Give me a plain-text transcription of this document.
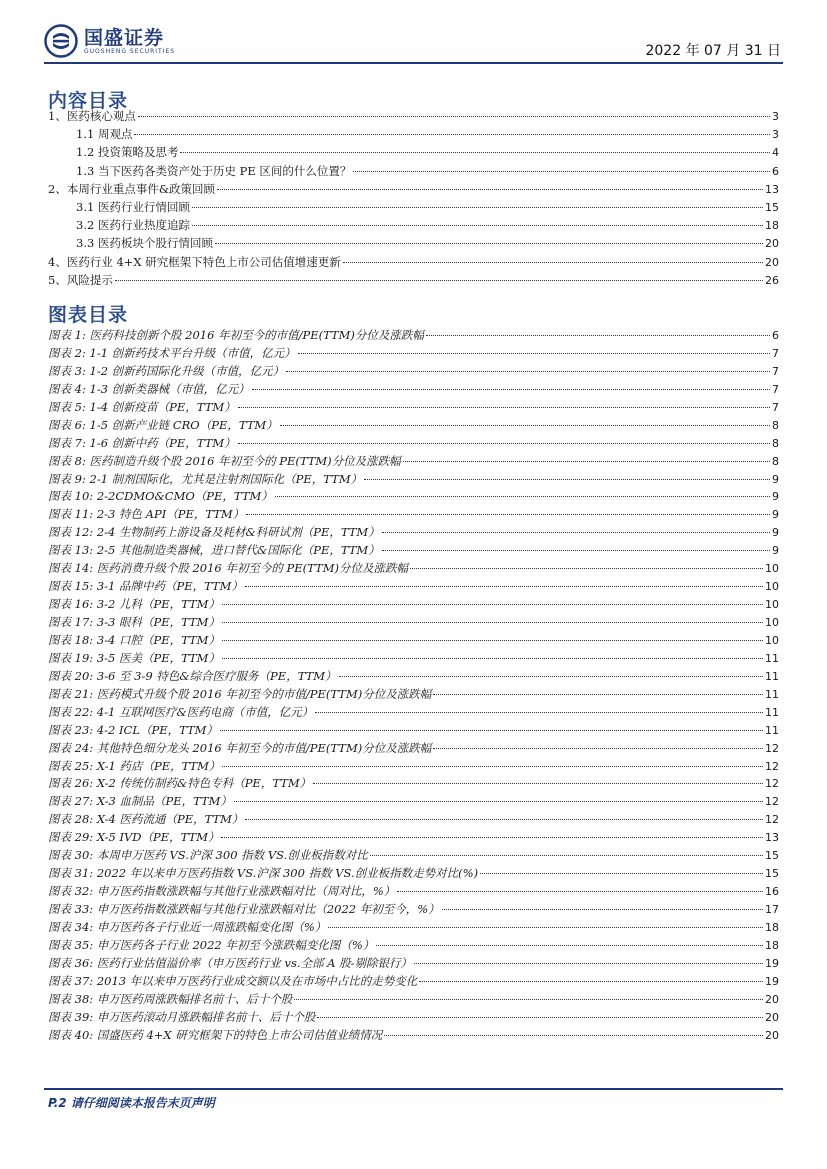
国盛证券
GUOSHENG SECURITIES	2022 年 07 月 31 日
内容目录
1、医药核心观点	3
1.1 周观点	3
1.2 投资策略及思考	4
1.3 当下医药各类资产处于历史 PE 区间的什么位置？	6
2、本周行业重点事件&政策回顾	13
3.1 医药行业行情回顾	15
3.2 医药行业热度追踪	18
3.3 医药板块个股行情回顾	20
4、医药行业 4+X 研究框架下特色上市公司估值增速更新	20
5、风险提示	26
图表目录
图表 1: 医药科技创新个股 2016 年初至今的市值/PE(TTM)分位及涨跌幅	6
图表 2: 1-1 创新药技术平台升级（市值，亿元）	7
图表 3: 1-2 创新药国际化升级（市值，亿元）	7
图表 4: 1-3 创新类器械（市值，亿元）	7
图表 5: 1-4 创新疫苗（PE，TTM）	7
图表 6: 1-5 创新产业链 CRO（PE，TTM）	8
图表 7: 1-6 创新中药（PE，TTM）	8
图表 8: 医药制造升级个股 2016 年初至今的 PE(TTM)分位及涨跌幅	8
图表 9: 2-1 制剂国际化，尤其是注射剂国际化（PE，TTM）	9
图表 10: 2-2CDMO&CMO（PE，TTM）	9
图表 11: 2-3 特色 API（PE，TTM）	9
图表 12: 2-4 生物制药上游设备及耗材&科研试剂（PE，TTM）	9
图表 13: 2-5 其他制造类器械，进口替代&国际化（PE，TTM）	9
图表 14: 医药消费升级个股 2016 年初至今的 PE(TTM)分位及涨跌幅	10
图表 15: 3-1 品牌中药（PE，TTM）	10
图表 16: 3-2 儿科（PE，TTM）	10
图表 17: 3-3 眼科（PE，TTM）	10
图表 18: 3-4 口腔（PE，TTM）	10
图表 19: 3-5 医美（PE，TTM）	11
图表 20: 3-6 至 3-9 特色&综合医疗服务（PE，TTM）	11
图表 21: 医药模式升级个股 2016 年初至今的市值/PE(TTM)分位及涨跌幅	11
图表 22: 4-1 互联网医疗&医药电商（市值，亿元）	11
图表 23: 4-2 ICL（PE，TTM）	11
图表 24: 其他特色细分龙头 2016 年初至今的市值/PE(TTM)分位及涨跌幅	12
图表 25: X-1 药店（PE，TTM）	12
图表 26: X-2 传统仿制药&特色专科（PE，TTM）	12
图表 27: X-3 血制品（PE，TTM）	12
图表 28: X-4 医药流通（PE，TTM）	12
图表 29: X-5 IVD（PE，TTM）	13
图表 30: 本周申万医药 VS.沪深 300 指数 VS.创业板指数对比	15
图表 31: 2022 年以来申万医药指数 VS.沪深 300 指数 VS.创业板指数走势对比(%)	15
图表 32: 申万医药指数涨跌幅与其他行业涨跌幅对比（周对比，%）	16
图表 33: 申万医药指数涨跌幅与其他行业涨跌幅对比（2022 年初至今，%）	17
图表 34: 申万医药各子行业近一周涨跌幅变化图（%）	18
图表 35: 申万医药各子行业 2022 年初至今涨跌幅变化图（%）	18
图表 36: 医药行业估值溢价率（申万医药行业 vs.全部 A 股-剔除银行）	19
图表 37: 2013 年以来申万医药行业成交额以及在市场中占比的走势变化	19
图表 38: 申万医药周涨跌幅排名前十、后十个股	20
图表 39: 申万医药滚动月涨跌幅排名前十、后十个股	20
图表 40: 国盛医药 4+X 研究框架下的特色上市公司估值业绩情况	20
P.2 请仔细阅读本报告末页声明
